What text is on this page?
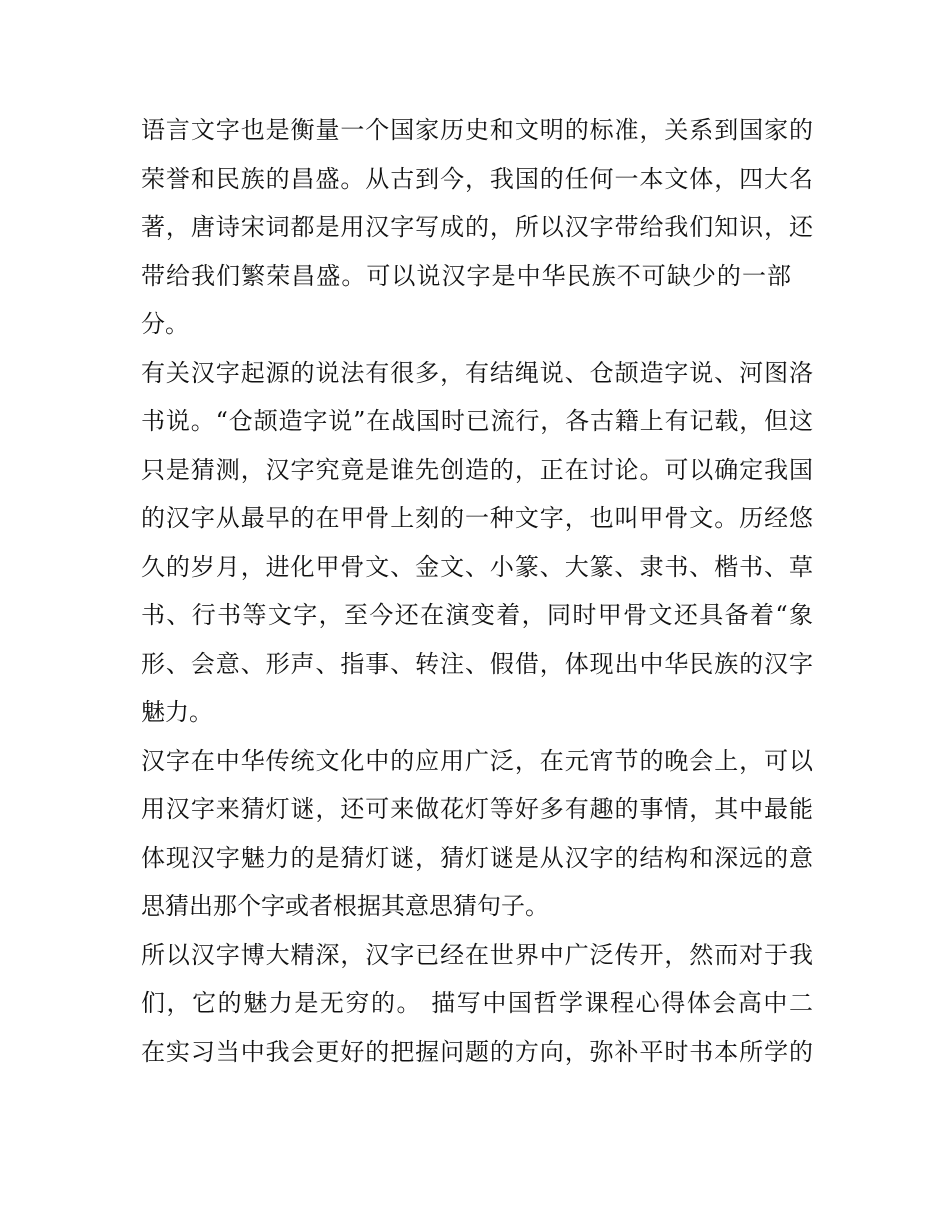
语言文字也是衡量一个国家历史和文明的标准，关系到国家的
荣誉和民族的昌盛。从古到今，我国的任何一本文体，四大名
著，唐诗宋词都是用汉字写成的，所以汉字带给我们知识，还
带给我们繁荣昌盛。可以说汉字是中华民族不可缺少的一部
分。
有关汉字起源的说法有很多，有结绳说、仓颉造字说、河图洛
书说。“仓颉造字说”在战国时已流行，各古籍上有记载，但这
只是猜测，汉字究竟是谁先创造的，正在讨论。可以确定我国
的汉字从最早的在甲骨上刻的一种文字，也叫甲骨文。历经悠
久的岁月，进化甲骨文、金文、小篆、大篆、隶书、楷书、草
书、行书等文字，至今还在演变着，同时甲骨文还具备着“象
形、会意、形声、指事、转注、假借，体现出中华民族的汉字
魅力。
汉字在中华传统文化中的应用广泛，在元宵节的晚会上，可以
用汉字来猜灯谜，还可来做花灯等好多有趣的事情，其中最能
体现汉字魅力的是猜灯谜，猜灯谜是从汉字的结构和深远的意
思猜出那个字或者根据其意思猜句子。
所以汉字博大精深，汉字已经在世界中广泛传开，然而对于我
们，它的魅力是无穷的。 描写中国哲学课程心得体会高中二
在实习当中我会更好的把握问题的方向，弥补平时书本所学的
